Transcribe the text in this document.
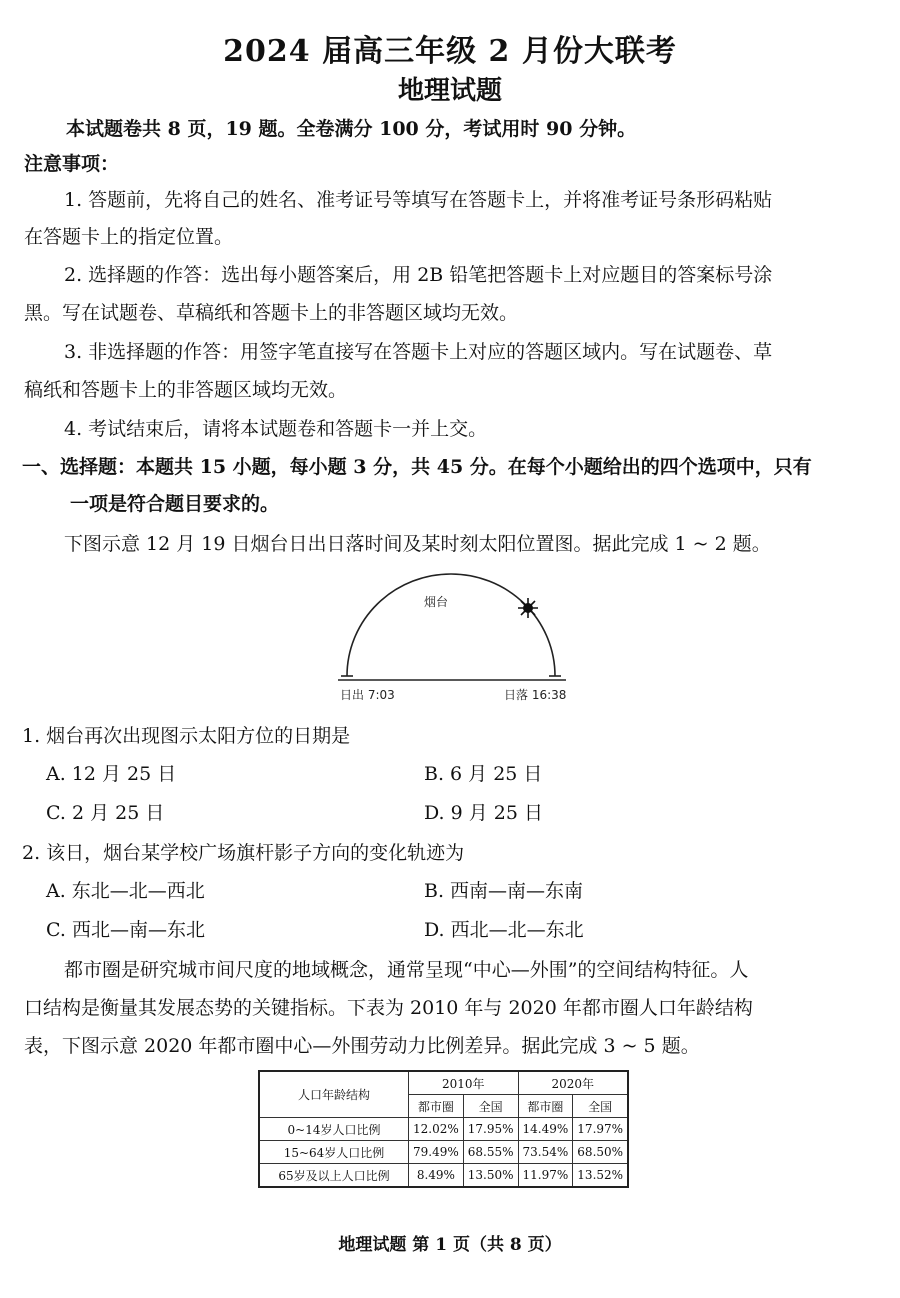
2024 届高三年级 2 月份大联考
地理试题
本试题卷共 8 页，19 题。全卷满分 100 分，考试用时 90 分钟。
注意事项：
1. 答题前，先将自己的姓名、准考证号等填写在答题卡上，并将准考证号条形码粘贴
在答题卡上的指定位置。
2. 选择题的作答：选出每小题答案后，用 2B 铅笔把答题卡上对应题目的答案标号涂
黑。写在试题卷、草稿纸和答题卡上的非答题区域均无效。
3. 非选择题的作答：用签字笔直接写在答题卡上对应的答题区域内。写在试题卷、草
稿纸和答题卡上的非答题区域均无效。
4. 考试结束后，请将本试题卷和答题卡一并上交。
一、选择题：本题共 15 小题，每小题 3 分，共 45 分。在每个小题给出的四个选项中，只有
一项是符合题目要求的。
下图示意 12 月 19 日烟台日出日落时间及某时刻太阳位置图。据此完成 1 ~ 2 题。
烟台
日出 7:03	日落 16:38
1. 烟台再次出现图示太阳方位的日期是
A. 12 月 25 日	B. 6 月 25 日
C. 2 月 25 日	D. 9 月 25 日
2. 该日，烟台某学校广场旗杆影子方向的变化轨迹为
A. 东北—北—西北	B. 西南—南—东南
C. 西北—南—东北	D. 西北—北—东北
都市圈是研究城市间尺度的地域概念，通常呈现“中心—外围”的空间结构特征。人
口结构是衡量其发展态势的关键指标。下表为 2010 年与 2020 年都市圈人口年龄结构
表，下图示意 2020 年都市圈中心—外围劳动力比例差异。据此完成 3 ~ 5 题。
人口年龄结构	2010年		2020年	
	都市圈	全国	都市圈	全国
0~14岁人口比例	12.02%	17.95%	14.49%	17.97%
15~64岁人口比例	79.49%	68.55%	73.54%	68.50%
65岁及以上人口比例	8.49%	13.50%	11.97%	13.52%
地理试题 第 1 页（共 8 页）
